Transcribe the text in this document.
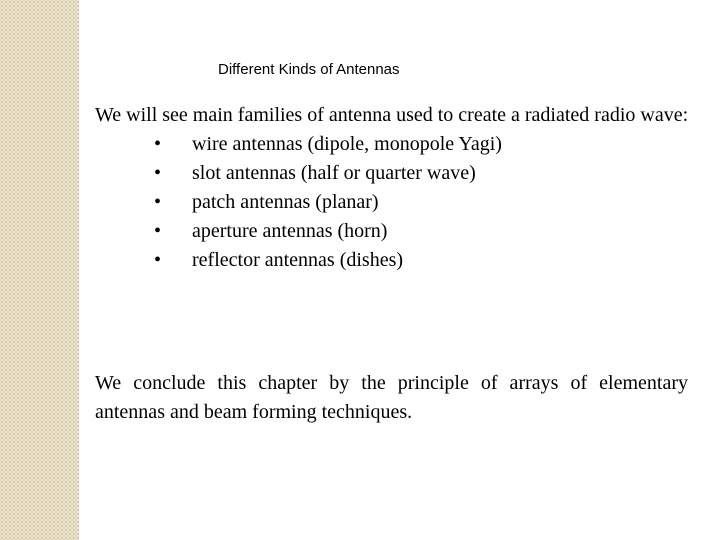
Different Kinds of Antennas

We will see main families of antenna used to create a radiated radio wave:

• wire antennas (dipole, monopole Yagi)
• slot antennas (half or quarter wave)
• patch antennas (planar)
• aperture antennas (horn)
• reflector antennas (dishes)

We conclude this chapter by the principle of arrays of elementary antennas and beam forming techniques.
